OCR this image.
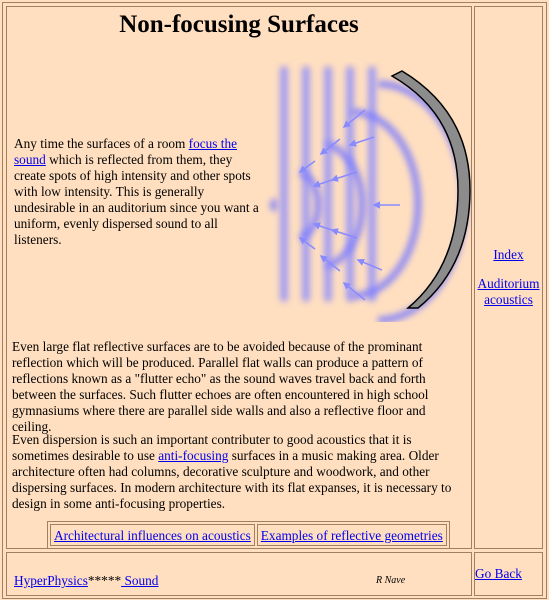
Non-focusing Surfaces

Any time the surfaces of a room focus the sound which is reflected from them, they create spots of high intensity and other spots with low intensity. This is generally undesirable in an auditorium since you want a uniform, evenly dispersed sound to all listeners.

Even large flat reflective surfaces are to be avoided because of the prominant reflection which will be produced. Parallel flat walls can produce a pattern of reflections known as a "flutter echo" as the sound waves travel back and forth between the surfaces. Such flutter echoes are often encountered in high school gymnasiums where there are parallel side walls and also a reflective floor and ceiling.

Even dispersion is such an important contributer to good acoustics that it is sometimes desirable to use anti-focusing surfaces in a music making area. Older architecture often had columns, decorative sculpture and woodwork, and other dispersing surfaces. In modern architecture with its flat expanses, it is necessary to design in some anti-focusing properties.

Architectural influences on acoustics Examples of reflective geometries
Index
Auditorium
acoustics
HyperPhysics***** Sound	R Nave	Go Back
